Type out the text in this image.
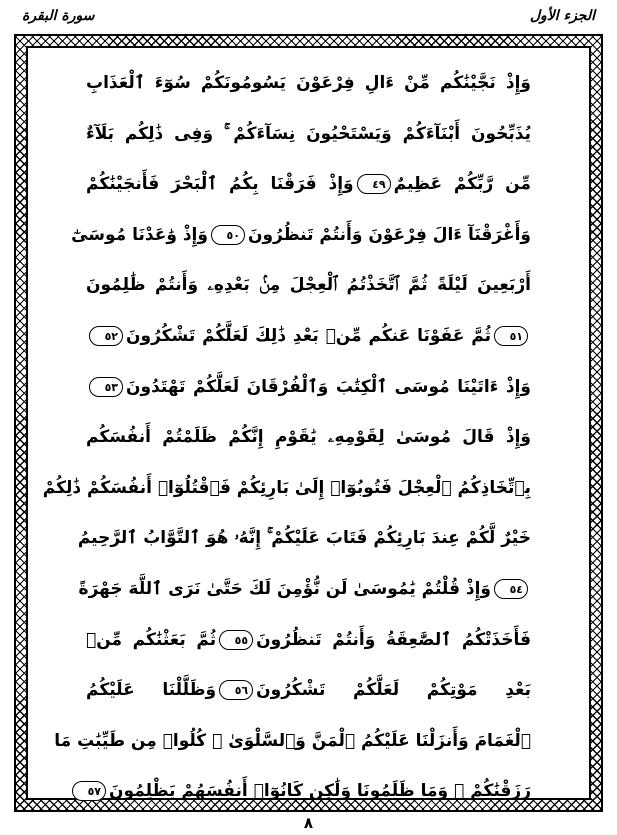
الجزء الأول
سورة البقرة
وَإِذْ نَجَّيْنَٰكُم مِّنْ ءَالِ فِرْعَوْنَ يَسُومُونَكُمْ سُوٓءَ ٱلْعَذَابِ
يُذَبِّحُونَ أَبْنَآءَكُمْ وَيَسْتَحْيُونَ نِسَآءَكُمْ ۚ وَفِى ذَٰلِكُم بَلَآءٌ
مِّن رَّبِّكُمْ عَظِيمٌ٤٩وَإِذْ فَرَقْنَا بِكُمُ ٱلْبَحْرَ فَأَنجَيْنَٰكُمْ
وَأَغْرَقْنَآ ءَالَ فِرْعَوْنَ وَأَنتُمْ تَنظُرُونَ٥٠وَإِذْ وَٰعَدْنَا مُوسَىٰٓ
أَرْبَعِينَ لَيْلَةً ثُمَّ ٱتَّخَذْتُمُ ٱلْعِجْلَ مِنۢ بَعْدِهِۦ وَأَنتُمْ ظَٰلِمُونَ
٥١ثُمَّ عَفَوْنَا عَنكُم مِّنۢ بَعْدِ ذَٰلِكَ لَعَلَّكُمْ تَشْكُرُونَ٥٢
وَإِذْ ءَاتَيْنَا مُوسَى ٱلْكِتَٰبَ وَٱلْفُرْقَانَ لَعَلَّكُمْ تَهْتَدُونَ٥٣
وَإِذْ قَالَ مُوسَىٰ لِقَوْمِهِۦ يَٰقَوْمِ إِنَّكُمْ ظَلَمْتُمْ أَنفُسَكُم
بِٱتِّخَاذِكُمُ ٱلْعِجْلَ فَتُوبُوٓا۟ إِلَىٰ بَارِئِكُمْ فَٱقْتُلُوٓا۟ أَنفُسَكُمْ ذَٰلِكُمْ
خَيْرٌ لَّكُمْ عِندَ بَارِئِكُمْ فَتَابَ عَلَيْكُمْ ۚ إِنَّهُۥ هُوَ ٱلتَّوَّابُ ٱلرَّحِيمُ
٥٤وَإِذْ قُلْتُمْ يَٰمُوسَىٰ لَن نُّؤْمِنَ لَكَ حَتَّىٰ نَرَى ٱللَّهَ جَهْرَةً
فَأَخَذَتْكُمُ ٱلصَّٰعِقَةُ وَأَنتُمْ تَنظُرُونَ٥٥ثُمَّ بَعَثْنَٰكُم مِّنۢ
بَعْدِ مَوْتِكُمْ لَعَلَّكُمْ تَشْكُرُونَ٥٦وَظَلَّلْنَا عَلَيْكُمُ
ٱلْغَمَامَ وَأَنزَلْنَا عَلَيْكُمُ ٱلْمَنَّ وَٱلسَّلْوَىٰ ۖ كُلُوا۟ مِن طَيِّبَٰتِ مَا
رَزَقْنَٰكُمْ ۖ وَمَا ظَلَمُونَا وَلَٰكِن كَانُوٓا۟ أَنفُسَهُمْ يَظْلِمُونَ٥٧
٨
